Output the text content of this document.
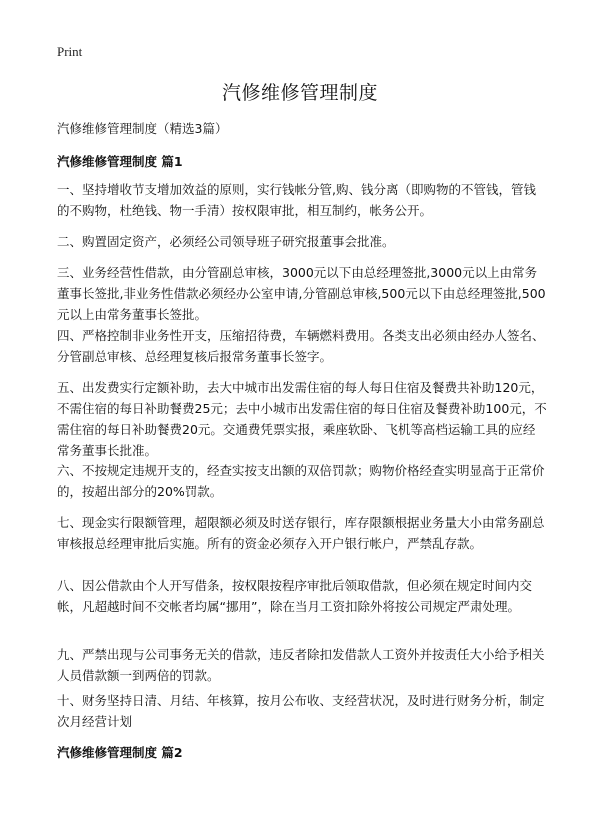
Print
汽修维修管理制度

汽修维修管理制度（精选3篇）

汽修维修管理制度 篇1

一、坚持增收节支增加效益的原则，实行钱帐分管,购、钱分离（即购物的不管钱，管钱的不购物，杜绝钱、物一手清）按权限审批，相互制约，帐务公开。

二、购置固定资产，必须经公司领导班子研究报董事会批准。

三、业务经营性借款，由分管副总审核，3000元以下由总经理签批,3000元以上由常务董事长签批,非业务性借款必须经办公室申请,分管副总审核,500元以下由总经理签批,500元以上由常务董事长签批。

四、严格控制非业务性开支，压缩招待费，车辆燃料费用。各类支出必须由经办人签名、分管副总审核、总经理复核后报常务董事长签字。

五、出发费实行定额补助，去大中城市出发需住宿的每人每日住宿及餐费共补助120元，不需住宿的每日补助餐费25元；去中小城市出发需住宿的每日住宿及餐费补助100元，不需住宿的每日补助餐费20元。交通费凭票实报，乘座软卧、飞机等高档运输工具的应经常务董事长批准。

六、不按规定违规开支的，经查实按支出额的双倍罚款；购物价格经查实明显高于正常价的，按超出部分的20%罚款。

七、现金实行限额管理，超限额必须及时送存银行，库存限额根据业务量大小由常务副总审核报总经理审批后实施。所有的资金必须存入开户银行帐户，严禁乱存款。

八、因公借款由个人开写借条，按权限按程序审批后领取借款，但必须在规定时间内交帐，凡超越时间不交帐者均属“挪用”，除在当月工资扣除外将按公司规定严肃处理。

九、严禁出现与公司事务无关的借款，违反者除扣发借款人工资外并按责任大小给予相关人员借款额一到两倍的罚款。

十、财务坚持日清、月结、年核算，按月公布收、支经营状况，及时进行财务分析，制定次月经营计划

汽修维修管理制度 篇2
